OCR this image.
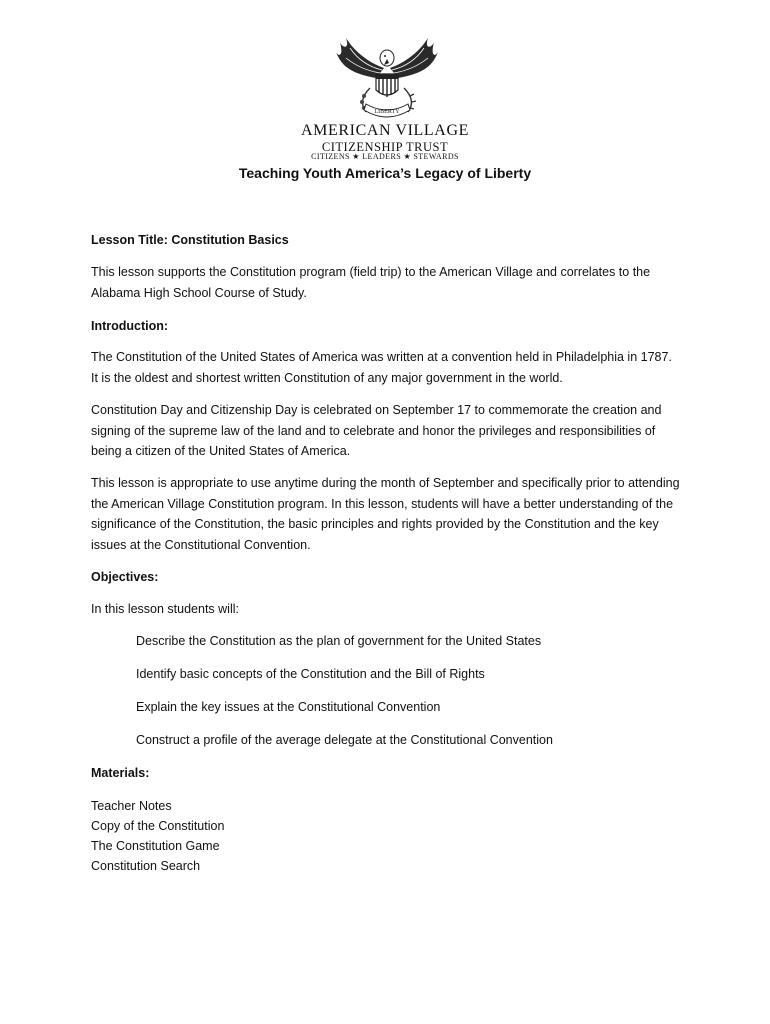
LIBERTY
AMERICAN VILLAGE
CITIZENSHIP TRUST
CITIZENS ★ LEADERS ★ STEWARDS
Teaching Youth America’s Legacy of Liberty
Lesson Title: Constitution Basics
This lesson supports the Constitution program (field trip) to the American Village and correlates to the Alabama High School Course of Study.
Introduction:
The Constitution of the United States of America was written at a convention held in Philadelphia in 1787. It is the oldest and shortest written Constitution of any major government in the world.
Constitution Day and Citizenship Day is celebrated on September 17 to commemorate the creation and signing of the supreme law of the land and to celebrate and honor the privileges and responsibilities of being a citizen of the United States of America.
This lesson is appropriate to use anytime during the month of September and specifically prior to attending the American Village Constitution program. In this lesson, students will have a better understanding of the significance of the Constitution, the basic principles and rights provided by the Constitution and the key issues at the Constitutional Convention.
Objectives:
In this lesson students will:
Describe the Constitution as the plan of government for the United States
Identify basic concepts of the Constitution and the Bill of Rights
Explain the key issues at the Constitutional Convention
Construct a profile of the average delegate at the Constitutional Convention
Materials:
Teacher Notes
Copy of the Constitution
The Constitution Game
Constitution Search
